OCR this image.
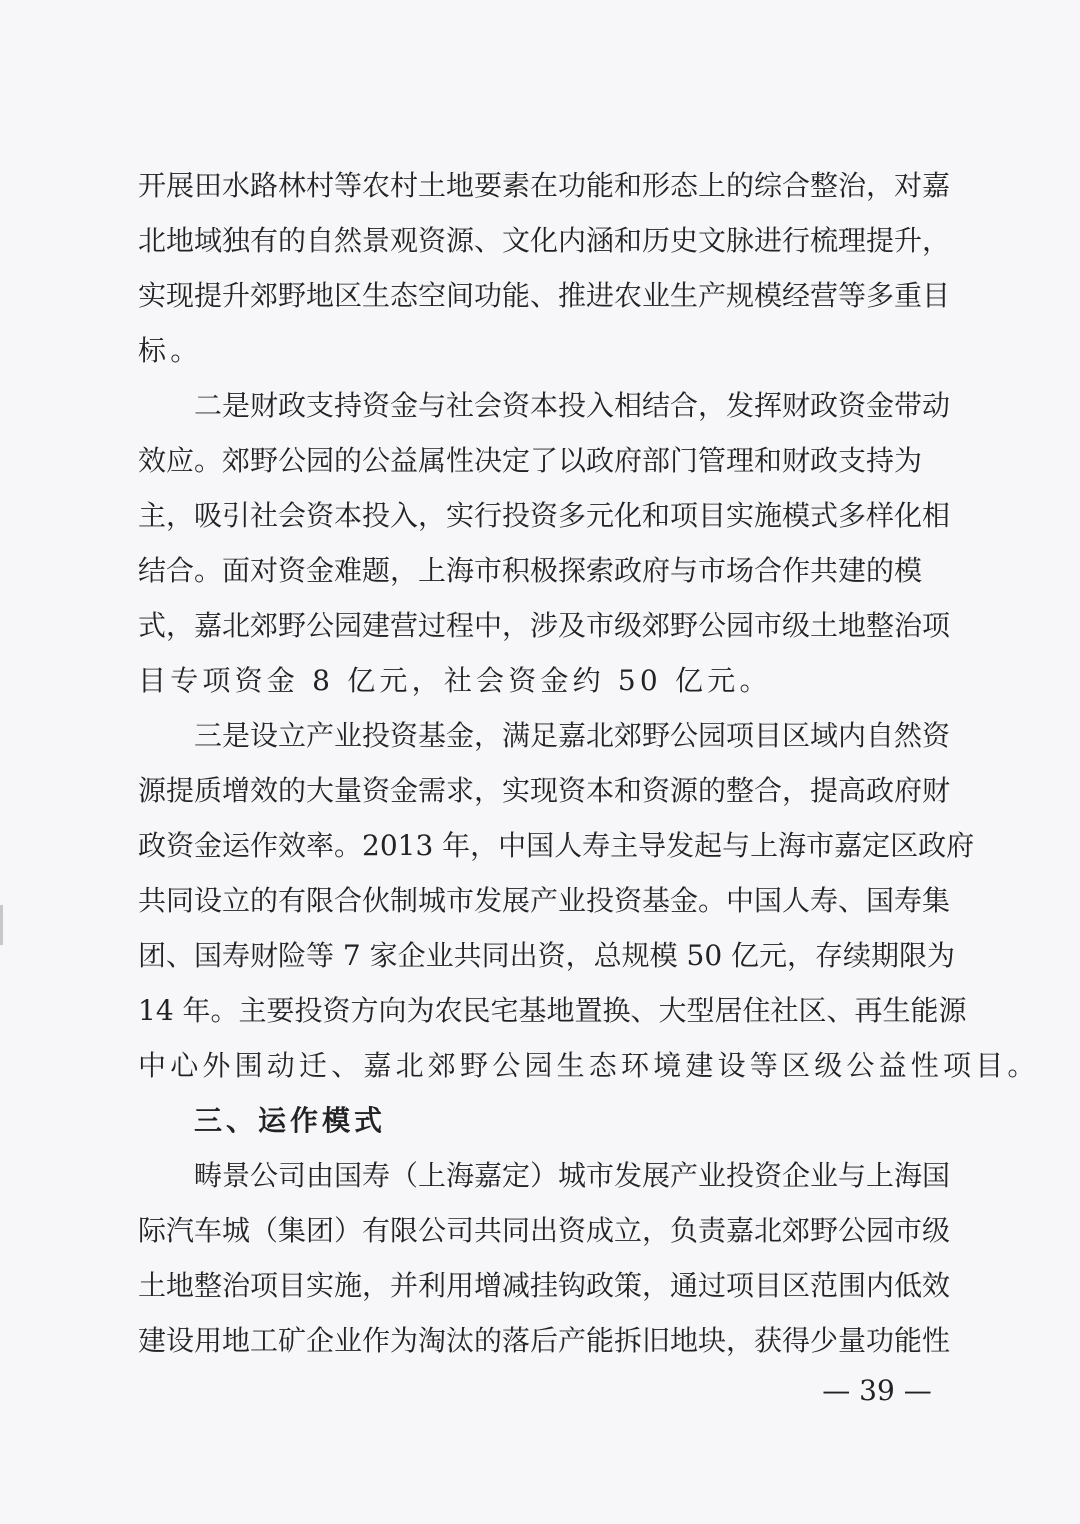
开展田水路林村等农村土地要素在功能和形态上的综合整治，对嘉
北地域独有的自然景观资源、文化内涵和历史文脉进行梳理提升，
实现提升郊野地区生态空间功能、推进农业生产规模经营等多重目
标。
二是财政支持资金与社会资本投入相结合，发挥财政资金带动
效应。郊野公园的公益属性决定了以政府部门管理和财政支持为
主，吸引社会资本投入，实行投资多元化和项目实施模式多样化相
结合。面对资金难题，上海市积极探索政府与市场合作共建的模
式，嘉北郊野公园建营过程中，涉及市级郊野公园市级土地整治项
目专项资金 8 亿元，社会资金约 50 亿元。
三是设立产业投资基金，满足嘉北郊野公园项目区域内自然资
源提质增效的大量资金需求，实现资本和资源的整合，提高政府财
政资金运作效率。2013 年，中国人寿主导发起与上海市嘉定区政府
共同设立的有限合伙制城市发展产业投资基金。中国人寿、国寿集
团、国寿财险等 7 家企业共同出资，总规模 50 亿元，存续期限为
14 年。主要投资方向为农民宅基地置换、大型居住社区、再生能源
中心外围动迁、嘉北郊野公园生态环境建设等区级公益性项目。
三、运作模式
畴景公司由国寿（上海嘉定）城市发展产业投资企业与上海国
际汽车城（集团）有限公司共同出资成立，负责嘉北郊野公园市级
土地整治项目实施，并利用增减挂钩政策，通过项目区范围内低效
建设用地工矿企业作为淘汰的落后产能拆旧地块，获得少量功能性
— 39 —
